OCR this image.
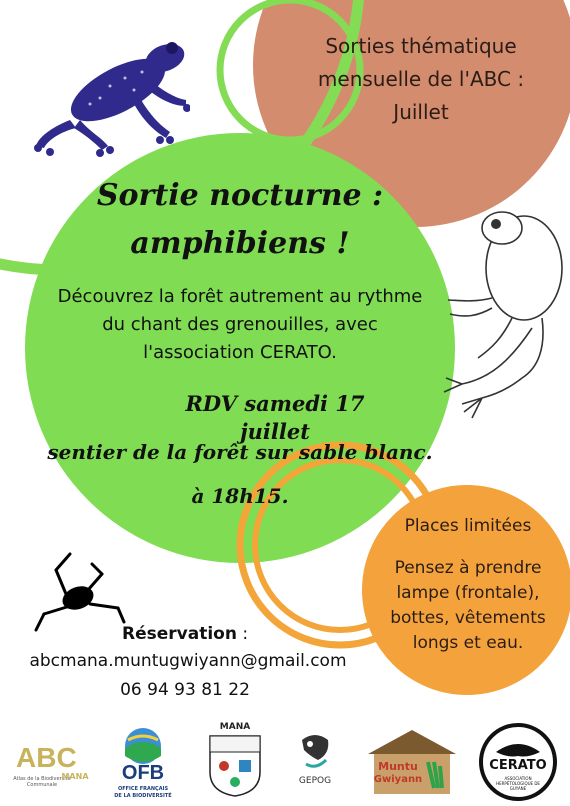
Sorties thématique
mensuelle de l'ABC :
Juillet
Sortie nocturne :
amphibiens !
Découvrez la forêt autrement au rythme
du chant des grenouilles, avec
l'association CERATO.
RDV samedi 17 juillet
sentier de la forêt sur sable blanc.
à 18h15.
Places limitées
Pensez à prendre
lampe (frontale),
bottes, vêtements
longs et eau.
Réservation :
abcmana.muntugwiyann@gmail.com
06 94 93 81 22
ABC
Atlas de la Biodiversité Communale
MANA	OFB
OFFICE FRANÇAIS
DE LA BIODIVERSITÉ
MANA
GEPOG
Muntu
Gwiyann
CERATO
ASSOCIATION HERPÉTOLOGIQUE DE GUYANE
